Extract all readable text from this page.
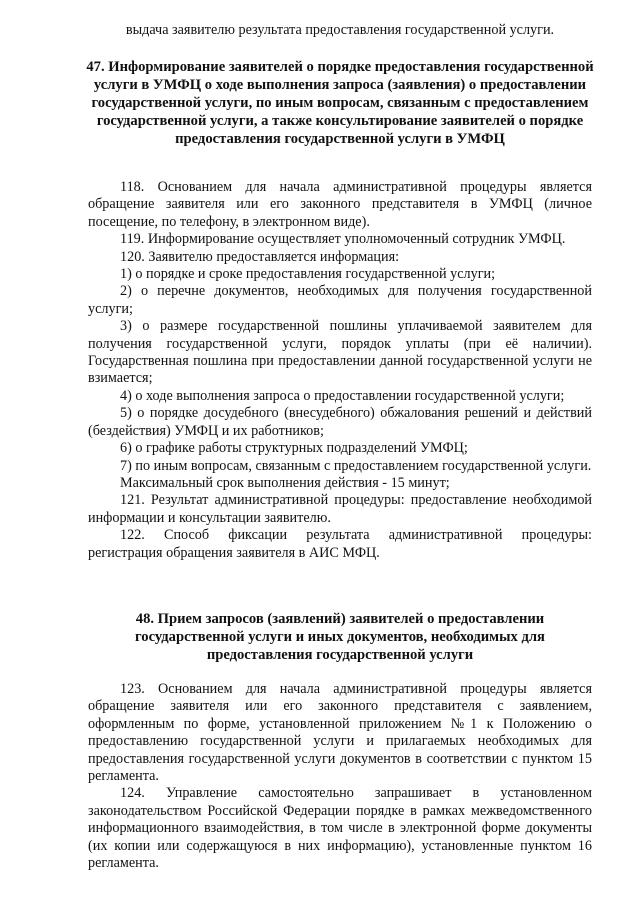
выдача заявителю результата предоставления государственной услуги.

47. Информирование заявителей о порядке предоставления государственной услуги в УМФЦ о ходе выполнения запроса (заявления) о предоставлении государственной услуги, по иным вопросам, связанным с предоставлением государственной услуги, а также консультирование заявителей о порядке предоставления государственной услуги в УМФЦ

118. Основанием для начала административной процедуры является обращение заявителя или его законного представителя в УМФЦ (личное посещение, по телефону, в электронном виде).

119. Информирование осуществляет уполномоченный сотрудник УМФЦ.

120. Заявителю предоставляется информация:

1) о порядке и сроке предоставления государственной услуги;

2) о перечне документов, необходимых для получения государственной услуги;

3) о размере государственной пошлины уплачиваемой заявителем для получения государственной услуги, порядок уплаты (при её наличии). Государственная пошлина при предоставлении данной государственной услуги не взимается;

4) о ходе выполнения запроса о предоставлении государственной услуги;

5) о порядке досудебного (внесудебного) обжалования решений и действий (бездействия) УМФЦ и их работников;

6) о графике работы структурных подразделений УМФЦ;

7) по иным вопросам, связанным с предоставлением государственной услуги.

Максимальный срок выполнения действия - 15 минут;

121. Результат административной процедуры: предоставление необходимой информации и консультации заявителю.

122. Способ фиксации результата административной процедуры: регистрация обращения заявителя в АИС МФЦ.

48. Прием запросов (заявлений) заявителей о предоставлении государственной услуги и иных документов, необходимых для предоставления государственной услуги

123. Основанием для начала административной процедуры является обращение заявителя или его законного представителя с заявлением, оформленным по форме, установленной приложением №1 к Положению о предоставлению государственной услуги и прилагаемых необходимых для предоставления государственной услуги документов в соответствии с пунктом 15 регламента.

124. Управление самостоятельно запрашивает в установленном законодательством Российской Федерации порядке в рамках межведомственного информационного взаимодействия, в том числе в электронной форме документы (их копии или содержащуюся в них информацию), установленные пунктом 16 регламента.
